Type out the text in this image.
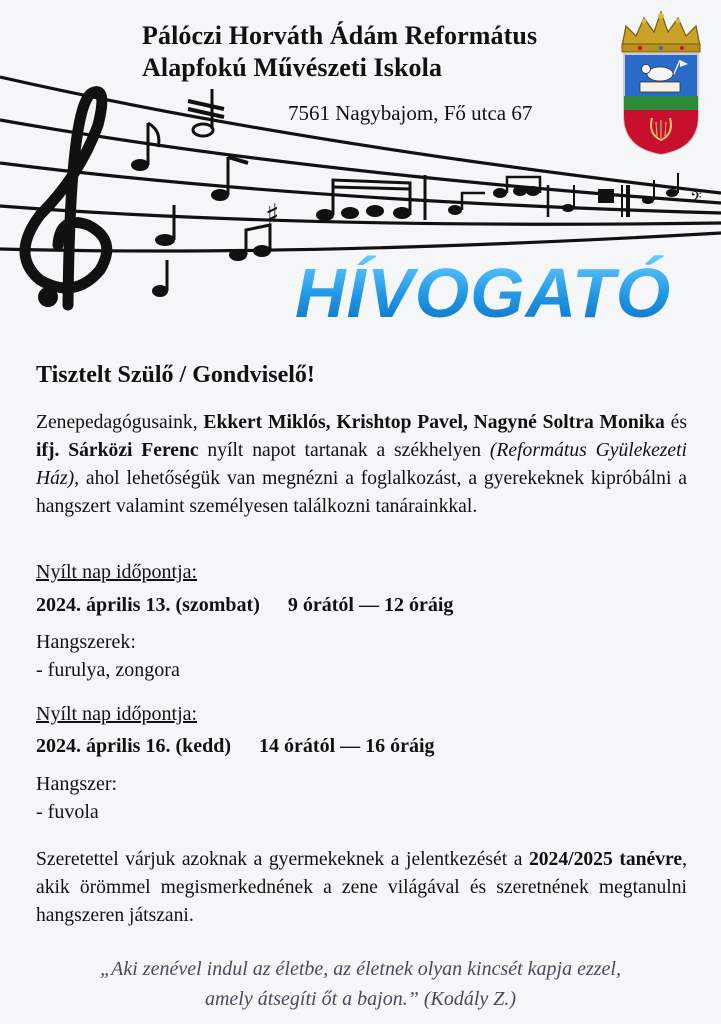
Pálóczi Horváth Ádám Református
Alapfokú Művészeti Iskola
7561 Nagybajom, Fő utca 67
♯	𝄢
HÍVOGATÓ
Tisztelt Szülő / Gondviselő!
Zenepedagógusaink, Ekkert Miklós, Krishtop Pavel, Nagyné Soltra Monika és ifj. Sárközi Ferenc nyílt napot tartanak a székhelyen (Református Gyülekezeti Ház), ahol lehetőségük van megnézni a foglalkozást, a gyerekeknek kipróbálni a hangszert valamint személyesen találkozni tanárainkkal.
Nyílt nap időpontja:
2024. április 13. (szombat) 9 órától — 12 óráig
Hangszerek:
- furulya, zongora
Nyílt nap időpontja:
2024. április 16. (kedd) 14 órától — 16 óráig
Hangszer:
- fuvola
Szeretettel várjuk azoknak a gyermekeknek a jelentkezését a 2024/2025 tanévre, akik örömmel megismerkednének a zene világával és szeretnének megtanulni hangszeren játszani.
„Aki zenével indul az életbe, az életnek olyan kincsét kapja ezzel,
amely átsegíti őt a bajon.” (Kodály Z.)
